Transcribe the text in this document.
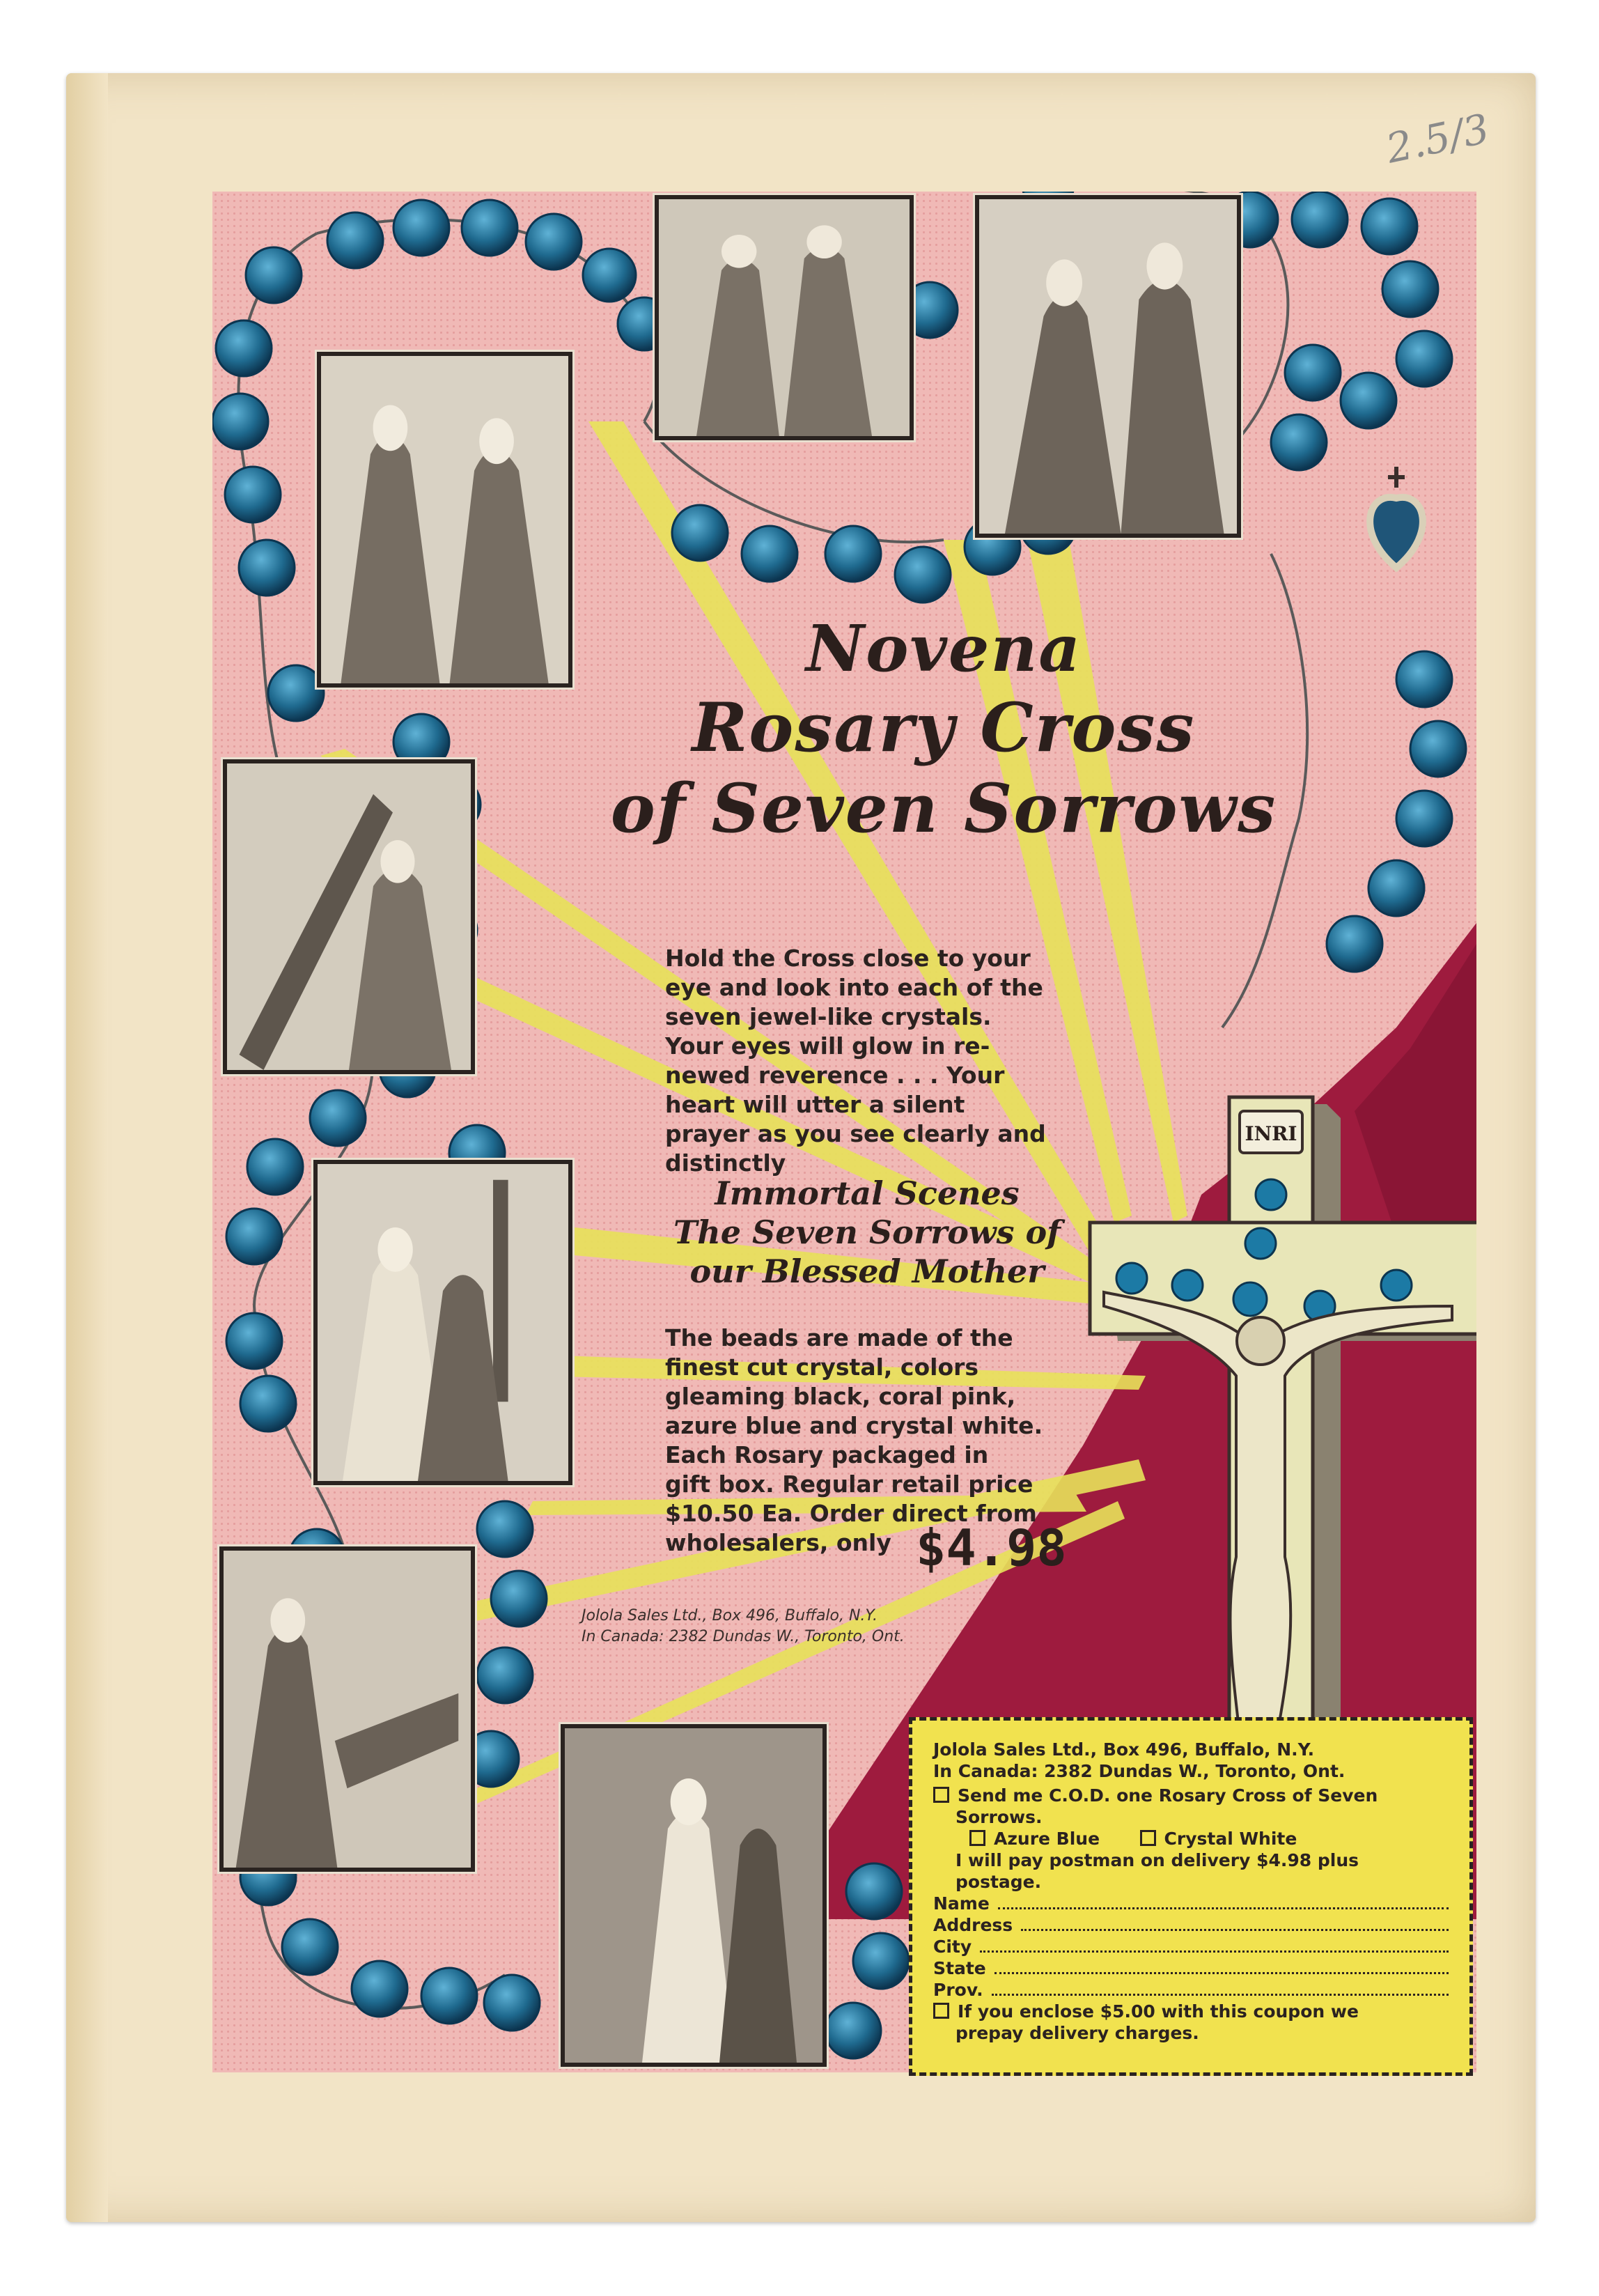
2.5/3
INRI
Novena
Rosary Cross
of Seven Sorrows
Hold the Cross close to your
eye and look into each of the
seven jewel-like crystals.
Your eyes will glow in re-
newed reverence . . . Your
heart will utter a silent
prayer as you see clearly and
distinctly
Immortal Scenes
The Seven Sorrows of
our Blessed Mother
The beads are made of the
finest cut crystal, colors
gleaming black, coral pink,
azure blue and crystal white.
Each Rosary packaged in
gift box. Regular retail price
$10.50 Ea. Order direct from
wholesalers, only $4.98
Jolola Sales Ltd., Box 496, Buffalo, N.Y.
In Canada: 2382 Dundas W., Toronto, Ont.
Jolola Sales Ltd., Box 496, Buffalo, N.Y.
In Canada: 2382 Dundas W., Toronto, Ont.
Send me C.O.D. one Rosary Cross of Seven
Sorrows.
Azure Blue	Crystal White
I will pay postman on delivery $4.98 plus
postage.
Name
Address
City
State
Prov.
If you enclose $5.00 with this coupon we
prepay delivery charges.
